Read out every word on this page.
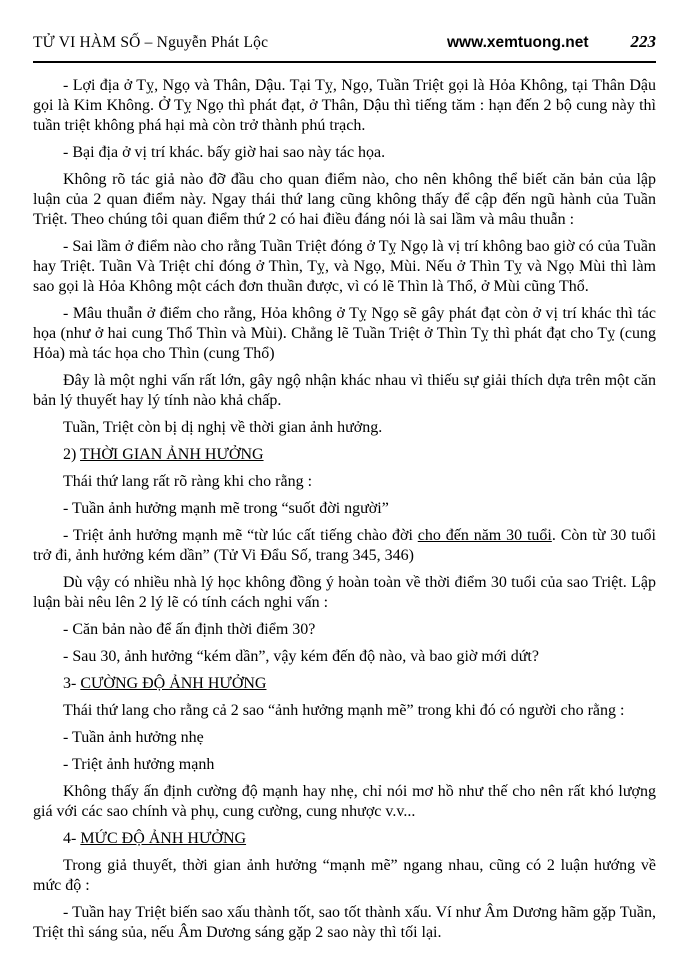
TỬ VI HÀM SỐ – Nguyễn Phát Lộc	www.xemtuong.net 223

- Lợi địa ở Tỵ, Ngọ và Thân, Dậu. Tại Tỵ, Ngọ, Tuần Triệt gọi là Hỏa Không, tại Thân Dậu gọi là Kim Không. Ở Tỵ Ngọ thì phát đạt, ở Thân, Dậu thì tiếng tăm : hạn đến 2 bộ cung này thì tuần triệt không phá hại mà còn trở thành phú trạch.

- Bại địa ở vị trí khác. bấy giờ hai sao này tác họa.

Không rõ tác giả nào đỡ đầu cho quan điểm nào, cho nên không thể biết căn bản của lập luận của 2 quan điểm này. Ngay thái thứ lang cũng không thấy để cập đến ngũ hành của Tuần Triệt. Theo chúng tôi quan điểm thứ 2 có hai điều đáng nói là sai lầm và mâu thuẫn :

- Sai lầm ở điểm nào cho rằng Tuần Triệt đóng ở Tỵ Ngọ là vị trí không bao giờ có của Tuần hay Triệt. Tuần Và Triệt chỉ đóng ở Thìn, Tỵ, và Ngọ, Mùi. Nếu ở Thìn Tỵ và Ngọ Mùi thì làm sao gọi là Hỏa Không một cách đơn thuần được, vì có lẽ Thìn là Thổ, ở Mùi cũng Thổ.

- Mâu thuẫn ở điểm cho rằng, Hỏa không ở Tỵ Ngọ sẽ gây phát đạt còn ở vị trí khác thì tác họa (như ở hai cung Thổ Thìn và Mùi). Chẳng lẽ Tuần Triệt ở Thìn Tỵ thì phát đạt cho Tỵ (cung Hỏa) mà tác họa cho Thìn (cung Thổ)

Đây là một nghi vấn rất lớn, gây ngộ nhận khác nhau vì thiếu sự giải thích dựa trên một căn bản lý thuyết hay lý tính nào khả chấp.

Tuần, Triệt còn bị dị nghị về thời gian ảnh hưởng.

2) THỜI GIAN ẢNH HƯỞNG

Thái thứ lang rất rõ ràng khi cho rằng :

- Tuần ảnh hưởng mạnh mẽ trong “suốt đời người”

- Triệt ảnh hưởng mạnh mẽ “từ lúc cất tiếng chào đời cho đến năm 30 tuổi. Còn từ 30 tuổi trở đi, ảnh hưởng kém dần” (Tử Vi Đẩu Số, trang 345, 346)

Dù vậy có nhiều nhà lý học không đồng ý hoàn toàn về thời điểm 30 tuổi của sao Triệt. Lập luận bài nêu lên 2 lý lẽ có tính cách nghi vấn :

- Căn bản nào để ấn định thời điểm 30?

- Sau 30, ảnh hưởng “kém dần”, vậy kém đến độ nào, và bao giờ mới dứt?

3- CƯỜNG ĐỘ ẢNH HƯỞNG

Thái thứ lang cho rằng cả 2 sao “ảnh hưởng mạnh mẽ” trong khi đó có người cho rằng :

- Tuần ảnh hưởng nhẹ

- Triệt ảnh hưởng mạnh

Không thấy ấn định cường độ mạnh hay nhẹ, chỉ nói mơ hồ như thế cho nên rất khó lượng giá với các sao chính và phụ, cung cường, cung nhược v.v...

4- MỨC ĐỘ ẢNH HƯỞNG

Trong giả thuyết, thời gian ảnh hưởng “mạnh mẽ” ngang nhau, cũng có 2 luận hướng về mức độ :

- Tuần hay Triệt biến sao xấu thành tốt, sao tốt thành xấu. Ví như Âm Dương hãm gặp Tuần, Triệt thì sáng sủa, nếu Âm Dương sáng gặp 2 sao này thì tối lại.
